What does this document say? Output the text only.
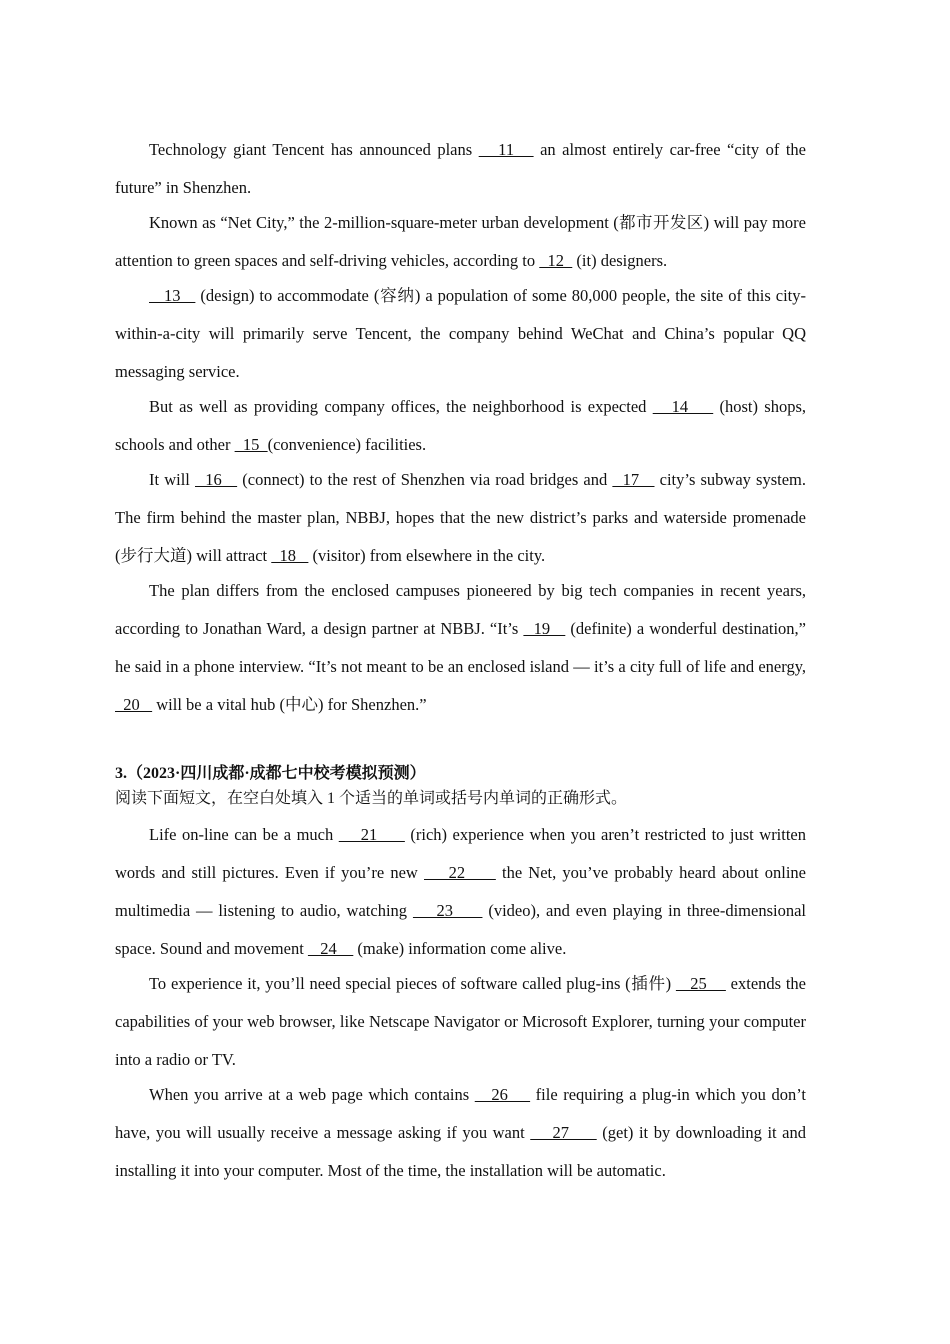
Technology giant Tencent has announced plans    11    an almost entirely car-free “city of the future” in Shenzhen.

Known as “Net City,” the 2-million-square-meter urban development (都市开发区) will pay more attention to green spaces and self-driving vehicles, according to   12   (it) designers.

13    (design) to accommodate (容纳) a population of some 80,000 people, the site of this city-within-a-city will primarily serve Tencent, the company behind WeChat and China’s popular QQ messaging service.

But as well as providing company offices, the neighborhood is expected    14     (host) shops, schools and other   15  (convenience) facilities.

It will   16    (connect) to the rest of Shenzhen via road bridges and   17    city’s subway system. The firm behind the master plan, NBBJ, hopes that the new district’s parks and waterside promenade (步行大道) will attract   18    (visitor) from elsewhere in the city.

The plan differs from the enclosed campuses pioneered by big tech companies in recent years, according to Jonathan Ward, a design partner at NBBJ. “It’s   19    (definite) a wonderful destination,” he said in a phone interview. “It’s not meant to be an enclosed island — it’s a city full of life and energy,   20    will be a vital hub (中心) for Shenzhen.”

3.（2023·四川成都·成都七中校考模拟预测）
阅读下面短文，在空白处填入 1 个适当的单词或括号内单词的正确形式。

Life on-line can be a much     21      (rich) experience when you aren’t restricted to just written words and still pictures. Even if you’re new     22      the Net, you’ve probably heard about online multimedia — listening to audio, watching     23      (video), and even playing in three-dimensional space. Sound and movement    24     (make) information come alive.

To experience it, you’ll need special pieces of software called plug-ins (插件)    25     extends the capabilities of your web browser, like Netscape Navigator or Microsoft Explorer, turning your computer into a radio or TV.

When you arrive at a web page which contains    26     file requiring a plug-in which you don’t have, you will usually receive a message asking if you want     27      (get) it by downloading it and installing it into your computer. Most of the time, the installation will be automatic.
